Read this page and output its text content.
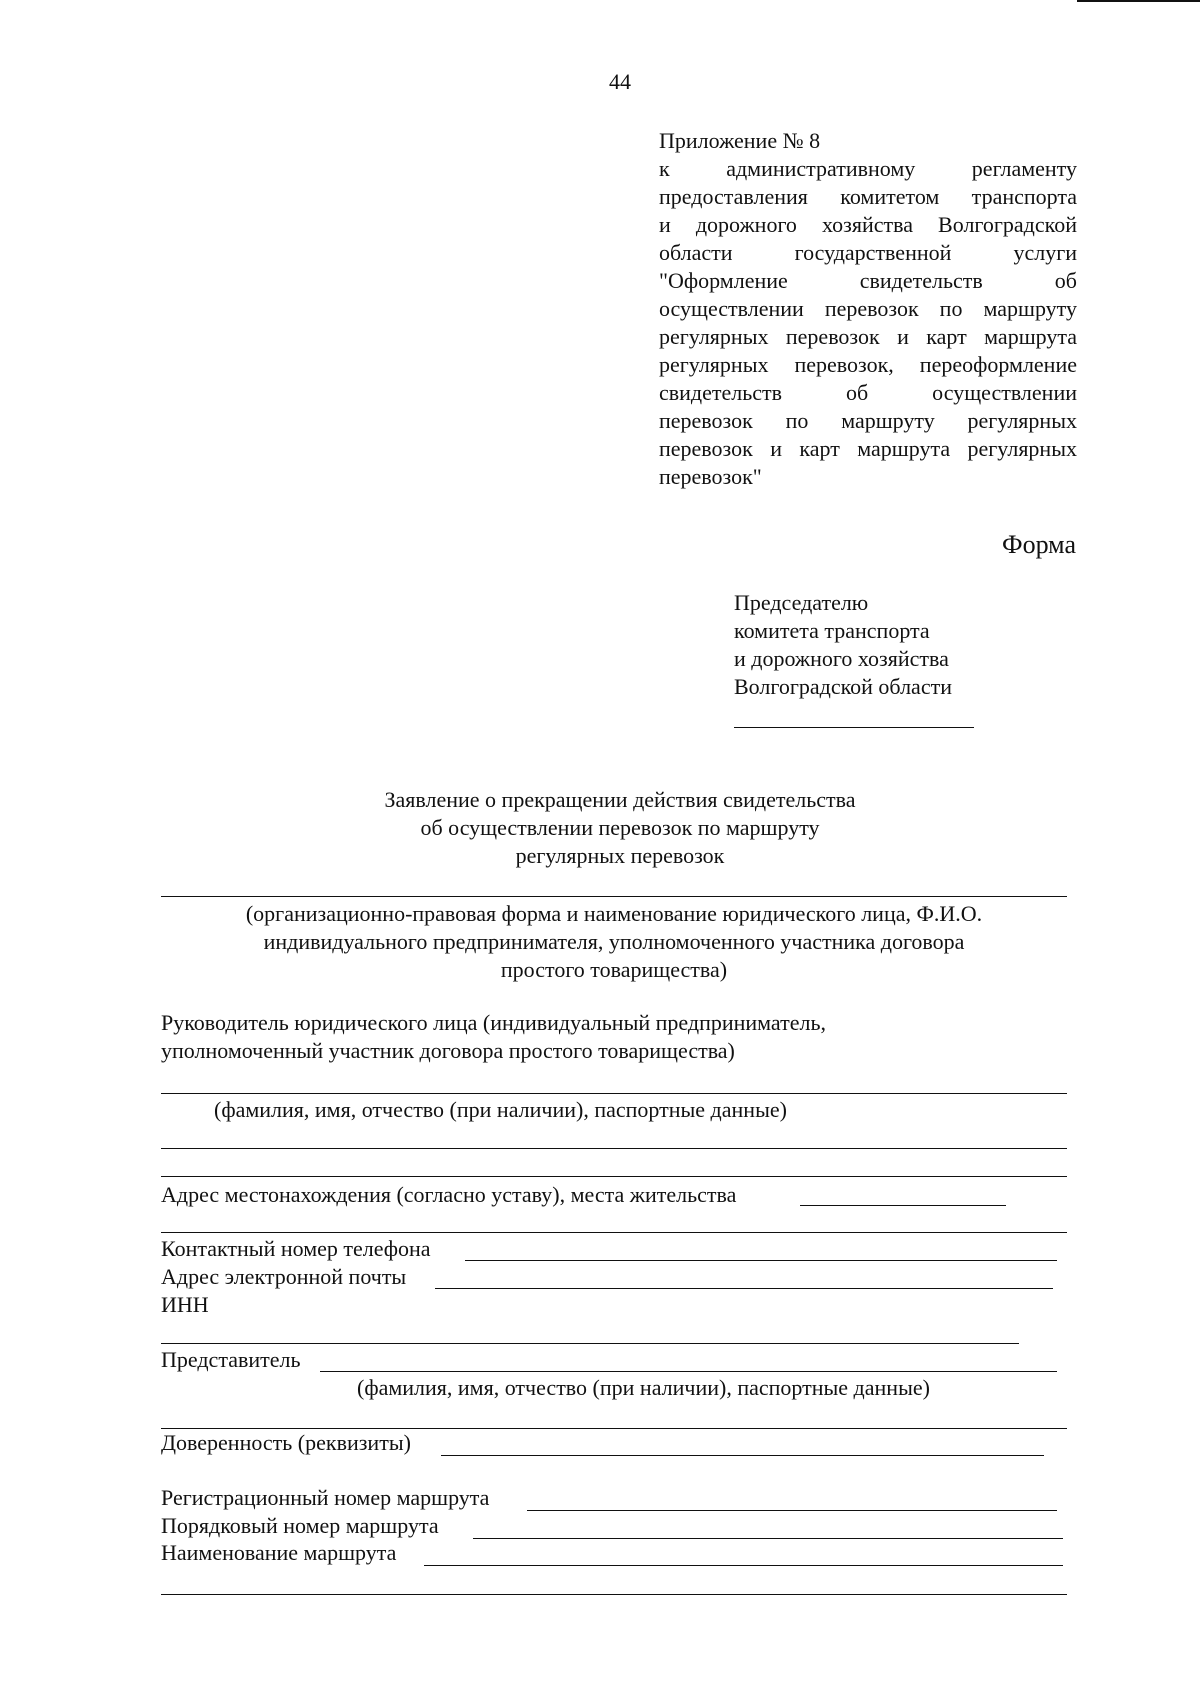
44
Приложение № 8
к административному регламенту
предоставления комитетом транспорта
и дорожного хозяйства Волгоградской
области государственной услуги
"Оформление свидетельств об
осуществлении перевозок по маршруту
регулярных перевозок и карт маршрута
регулярных перевозок, переоформление
свидетельств об осуществлении
перевозок по маршруту регулярных
перевозок и карт маршрута регулярных
перевозок"
Форма
Председателю
комитета транспорта
и дорожного хозяйства
Волгоградской области
Заявление о прекращении действия свидетельства
об осуществлении перевозок по маршруту
регулярных перевозок
(организационно-правовая форма и наименование юридического лица, Ф.И.О.
индивидуального предпринимателя, уполномоченного участника договора
простого товарищества)
Руководитель юридического лица (индивидуальный предприниматель,
уполномоченный участник договора простого товарищества)
(фамилия, имя, отчество (при наличии), паспортные данные)
Адрес местонахождения (согласно уставу), места жительства
Контактный номер телефона
Адрес электронной почты
ИНН
Представитель
(фамилия, имя, отчество (при наличии), паспортные данные)
Доверенность (реквизиты)
Регистрационный номер маршрута
Порядковый номер маршрута
Наименование маршрута
